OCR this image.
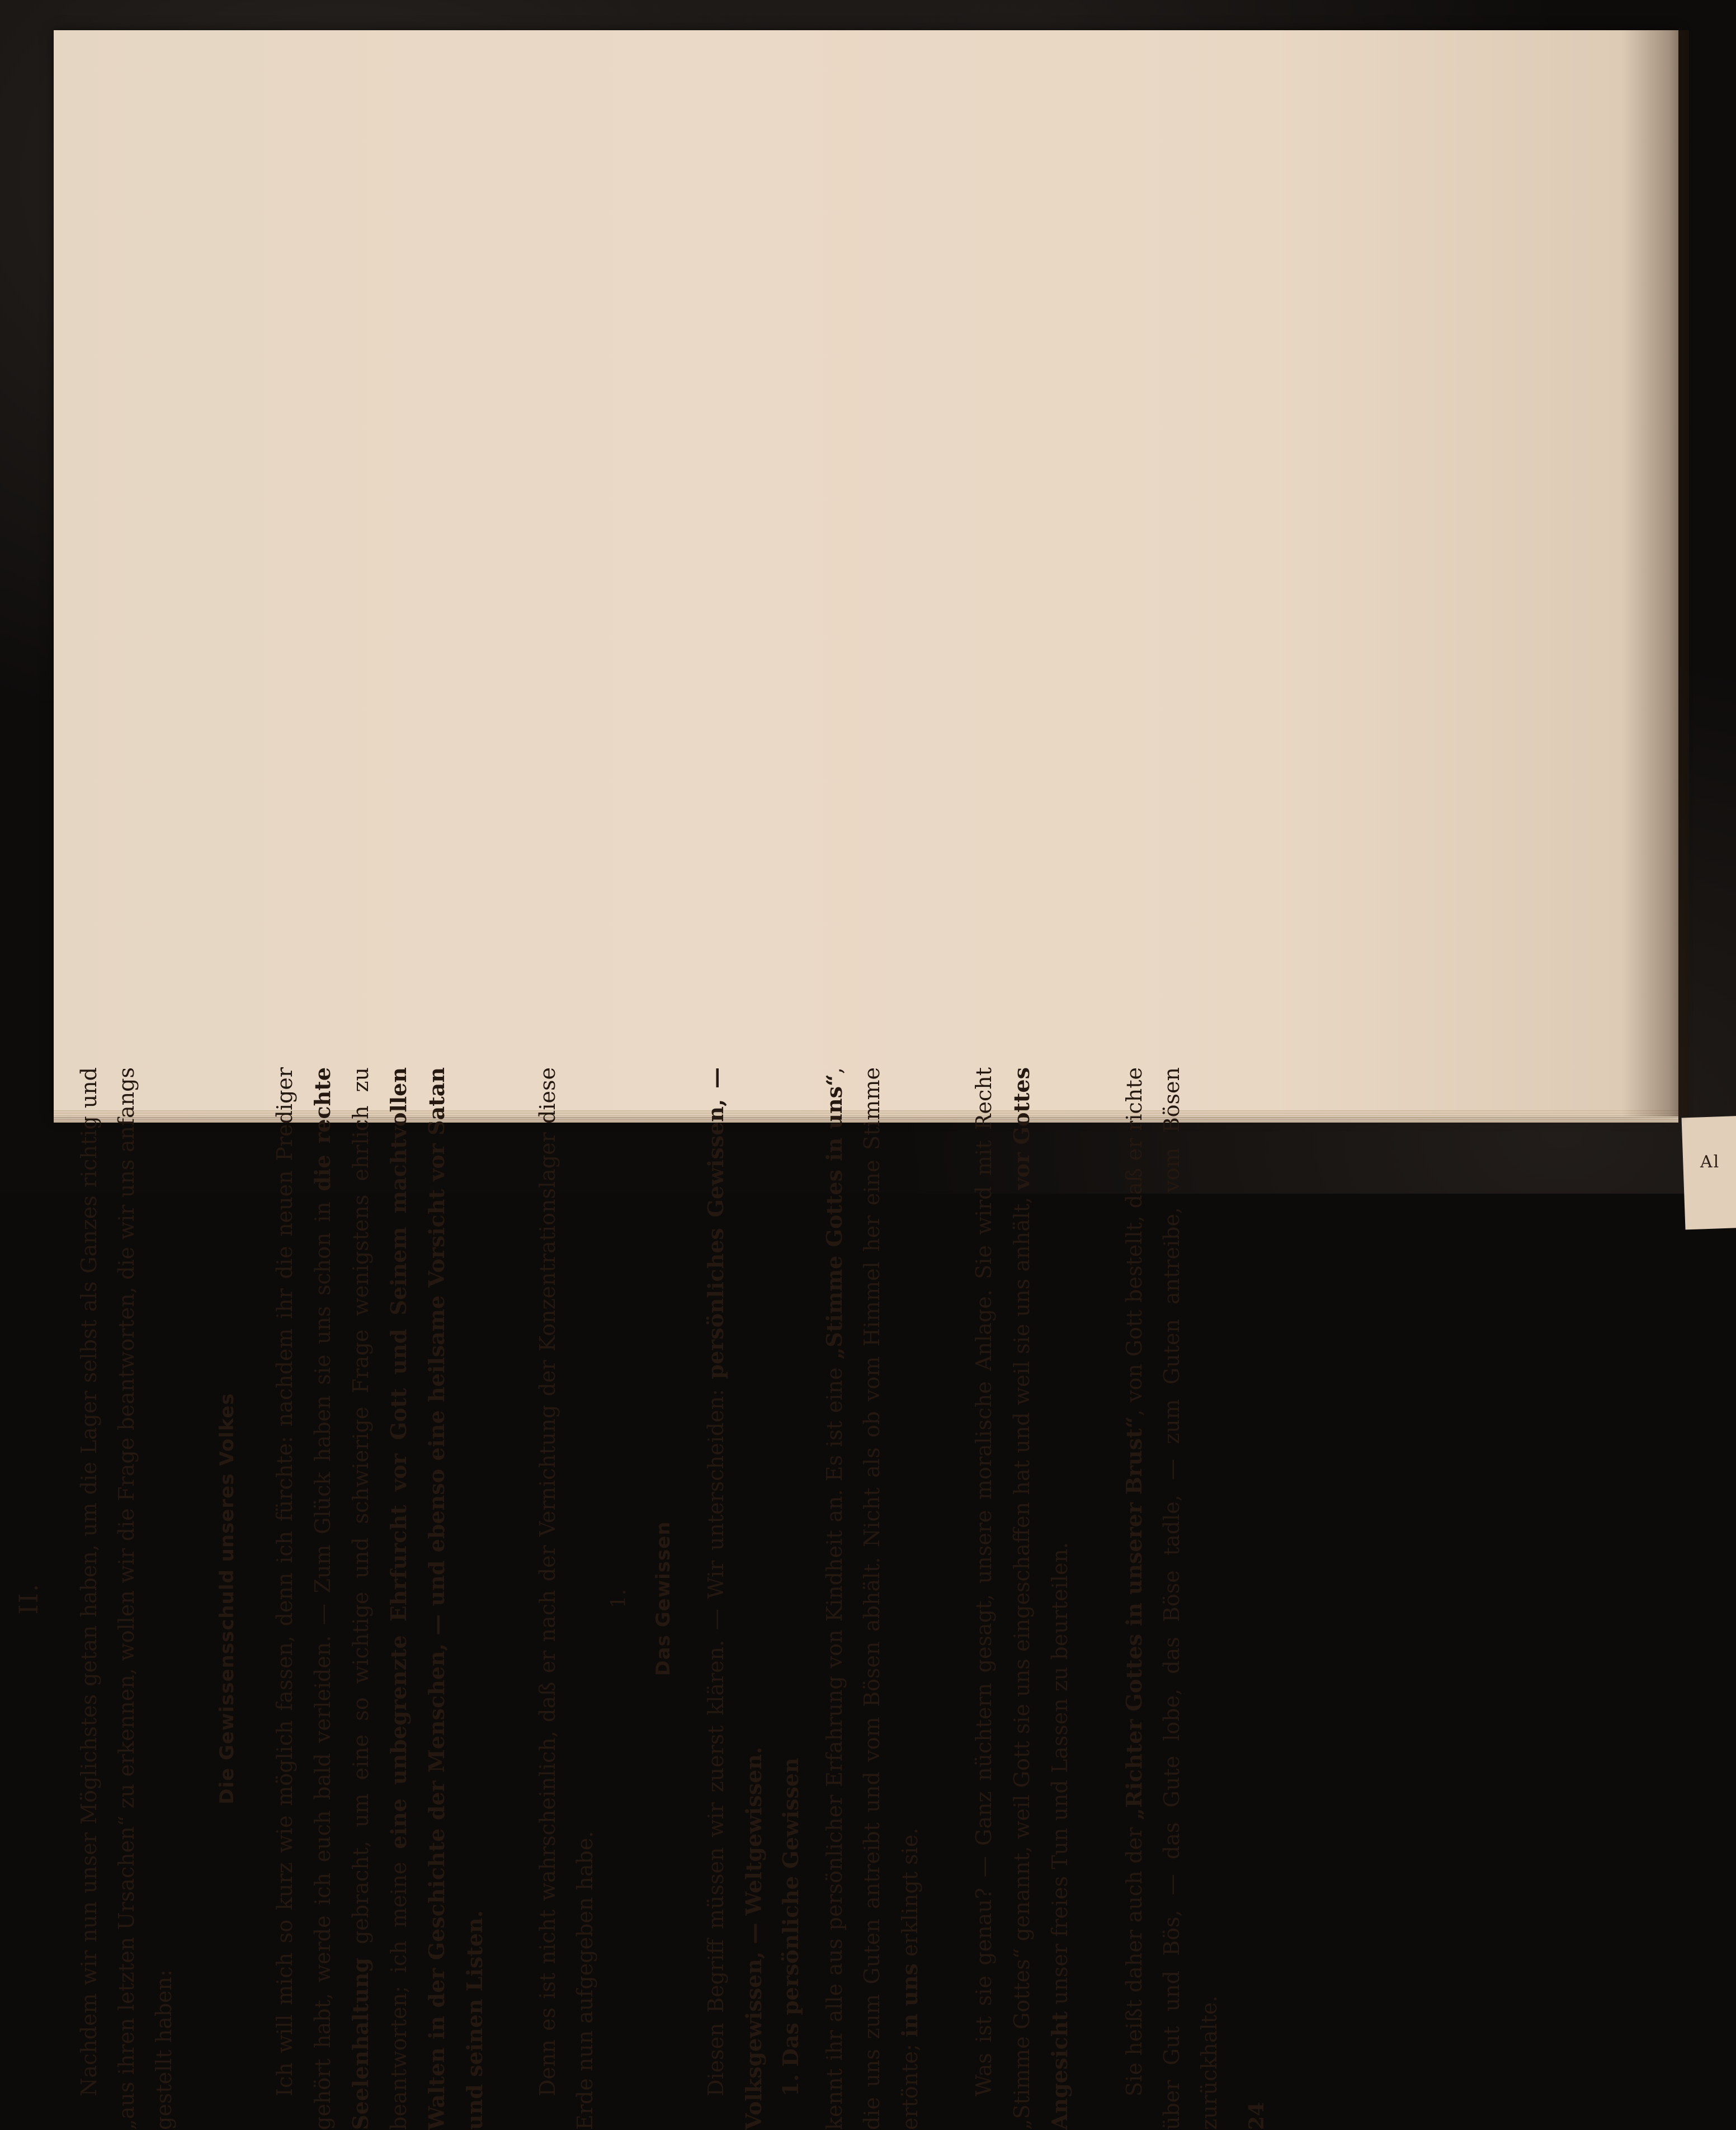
Al
II. Nachdem wir nun unser Möglichstes getan haben, um die Lager selbst als Ganzes richtig und „aus ihren letzten Ursachen“ zu erkennen, wollen wir die Frage beantworten, die wir uns anfangs gestellt haben:

Die Gewissensschuld unseres Volkes Ich will mich so kurz wie möglich fassen, denn ich fürchte: nachdem ihr die neuen Prediger gehört habt, werde ich euch bald verleiden. — Zum Glück haben sie uns schon in die rechte Seelenhaltung gebracht, um eine so wichtige und schwierige Frage wenigstens ehrlich zu beantworten; ich meine eine unbegrenzte Ehrfurcht vor Gott und Seinem machtvollen Walten in der Geschichte der Menschen, — und ebenso eine heilsame Vorsicht vor Satan und seinen Listen.	Denn es ist nicht wahrscheinlich, daß er nach der Vernichtung der Konzentrationslager diese Erde nun aufgegeben habe.

1. Das Gewissen	Diesen Begriff müssen wir zuerst klären. — Wir unterscheiden: persönliches Gewissen, — Volksgewissen, — Weltgewissen. 1. Das persönliche Gewissen kennt ihr alle aus persönlicher Erfahrung von Kindheit an. Es ist eine „Stimme Gottes in uns“, die uns zum Guten antreibt und vom Bösen abhält. Nicht als ob vom Himmel her eine Stimme ertönte; in uns erklingt sie.	Was ist sie genau? — Ganz nüchtern gesagt, unsere moralische Anlage. Sie wird mit Recht „Stimme Gottes“ genannt, weil Gott sie uns eingeschaffen hat und weil sie uns anhält, vor Gottes Angesicht unser freies Tun und Lassen zu beurteilen.	Sie heißt daher auch der „Richter Gottes in unserer Brust“, von Gott bestellt, daß er richte über Gut und Bös, — das Gute lobe, das Böse tadle, — zum Guten antreibe, vom Bösen zurückhalte.	24
